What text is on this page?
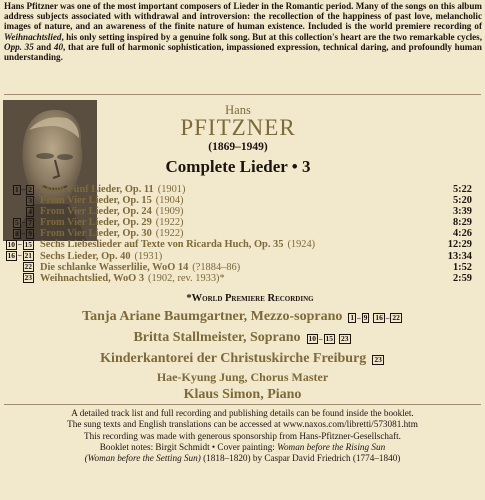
Hans Pfitzner was one of the most important composers of Lieder in the Romantic period. Many of the songs on this album address subjects associated with withdrawal and introversion: the recollection of the happiness of past love, melancholic images of nature, and an awareness of the finite nature of human existence. Included is the world premiere recording of Weihnachtslied, his only setting inspired by a genuine folk song. But at this collection's heart are the two remarkable cycles, Opp. 35 and 40, that are full of harmonic sophistication, impassioned expression, technical daring, and profoundly human understanding.
Hans
PFITZNER
(1869–1949)
Complete Lieder • 3
1 – 2 From Fünf Lieder, Op. 11 (1901)	5:22
3 From Vier Lieder, Op. 15 (1904)	5:20
4 From Vier Lieder, Op. 24 (1909)	3:39
5 – 7 From Vier Lieder, Op. 29 (1922)	8:29
8 – 9 From Vier Lieder, Op. 30 (1922)	4:26
10 – 15 Sechs Liebeslieder auf Texte von Ricarda Huch, Op. 35 (1924)	12:29
16 – 21 Sechs Lieder, Op. 40 (1931)	13:34
22 Die schlanke Wasserlilie, WoO 14 (?1884–86)	1:52
23 Weihnachtslied, WoO 3 (1902, rev. 1933)*	2:59
*World Premiere Recording
Tanja Ariane Baumgartner, Mezzo-soprano 1 – 9 16 – 22
Britta Stallmeister, Soprano 10 – 15 23
Kinderkantorei der Christuskirche Freiburg 23
Hae-Kyung Jung, Chorus Master
Klaus Simon, Piano
A detailed track list and full recording and publishing details can be found inside the booklet.
The sung texts and English translations can be accessed at www.naxos.com/libretti/573081.htm
This recording was made with generous sponsorship from Hans-Pfitzner-Gesellschaft.
Booklet notes: Birgit Schmidt • Cover painting: Woman before the Rising Sun
(Woman before the Setting Sun) (1818–1820) by Caspar David Friedrich (1774–1840)
